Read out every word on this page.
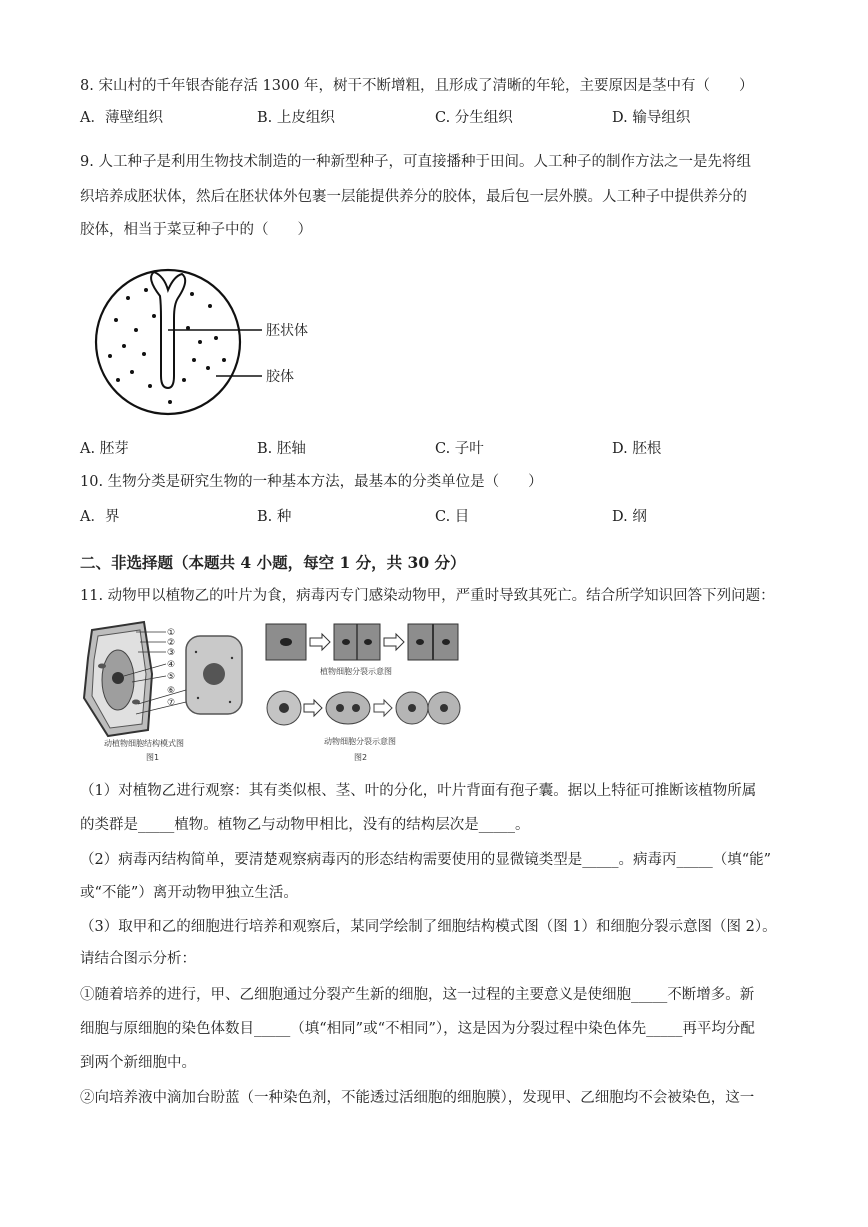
8. 宋山村的千年银杏能存活 1300 年，树干不断增粗，且形成了清晰的年轮，主要原因是茎中有（　　）
A．薄壁组织	B. 上皮组织	C. 分生组织	D. 输导组织
9. 人工种子是利用生物技术制造的一种新型种子，可直接播种于田间。人工种子的制作方法之一是先将组
织培养成胚状体，然后在胚状体外包裹一层能提供养分的胶体，最后包一层外膜。人工种子中提供养分的
胶体，相当于菜豆种子中的（　　）
胚状体
胶体
A. 胚芽	B. 胚轴	C. 子叶	D. 胚根
10. 生物分类是研究生物的一种基本方法，最基本的分类单位是（　　）
A．界	B. 种	C. 目	D. 纲
二、非选择题（本题共 4 小题，每空 1 分，共 30 分）
11. 动物甲以植物乙的叶片为食，病毒丙专门感染动物甲，严重时导致其死亡。结合所学知识回答下列问题：
①
②
③
④
⑤
⑥
⑦
动植物细胞结构模式图
图1
植物细胞分裂示意图
动物细胞分裂示意图
图2
（1）对植物乙进行观察：其有类似根、茎、叶的分化，叶片背面有孢子囊。据以上特征可推断该植物所属
的类群是_____植物。植物乙与动物甲相比，没有的结构层次是_____。
（2）病毒丙结构简单，要清楚观察病毒丙的形态结构需要使用的显微镜类型是_____。病毒丙_____（填“能”
或“不能”）离开动物甲独立生活。
（3）取甲和乙的细胞进行培养和观察后，某同学绘制了细胞结构模式图（图 1）和细胞分裂示意图（图 2）。
请结合图示分析：
①随着培养的进行，甲、乙细胞通过分裂产生新的细胞，这一过程的主要意义是使细胞_____不断增多。新
细胞与原细胞的染色体数目_____（填“相同”或“不相同”），这是因为分裂过程中染色体先_____再平均分配
到两个新细胞中。
②向培养液中滴加台盼蓝（一种染色剂，不能透过活细胞的细胞膜），发现甲、乙细胞均不会被染色，这一
